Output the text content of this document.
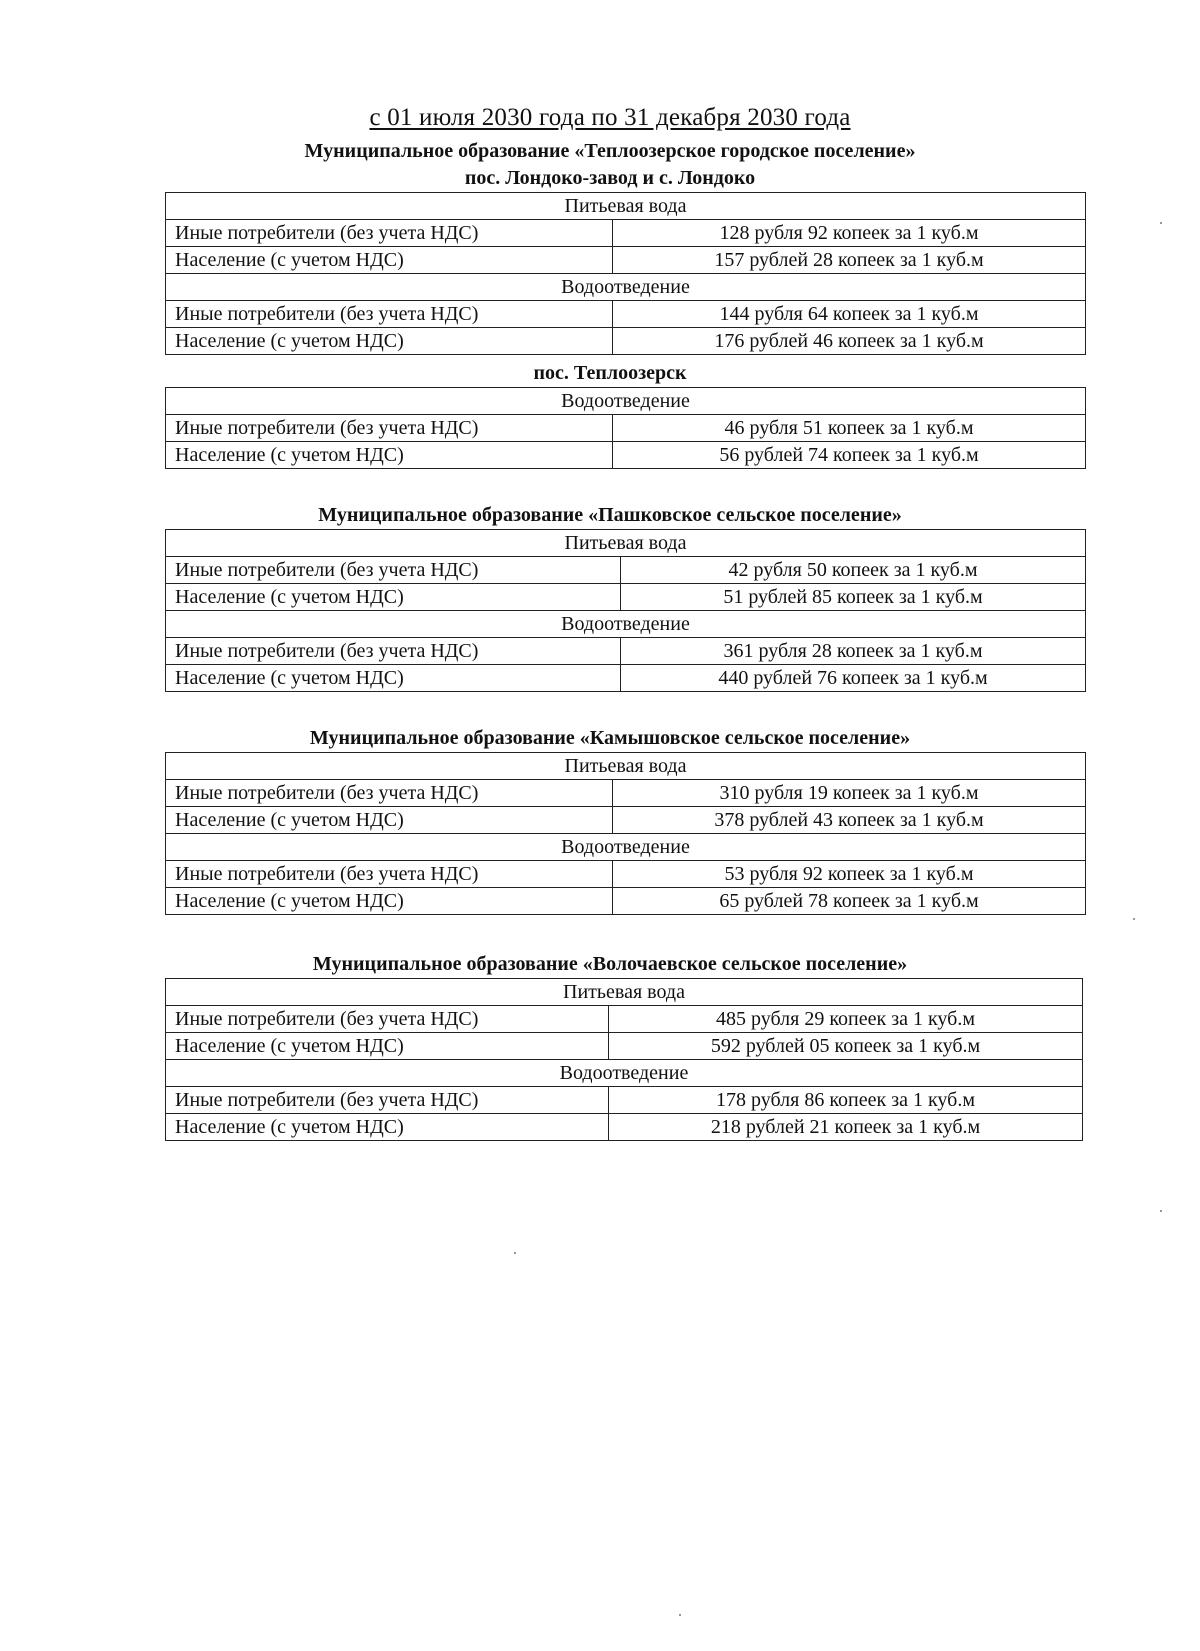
с 01 июля 2030 года по 31 декабря 2030 года
Муниципальное образование «Теплоозерское городское поселение»
пос. Лондоко-завод и с. Лондоко
Питьевая вода	
Иные потребители (без учета НДС)	128 рубля 92 копеек за 1 куб.м
Население (с учетом НДС)	157 рублей 28 копеек за 1 куб.м
Водоотведение	
Иные потребители (без учета НДС)	144 рубля 64 копеек за 1 куб.м
Население (с учетом НДС)	176 рублей 46 копеек за 1 куб.м
пос. Теплоозерск
Водоотведение	
Иные потребители (без учета НДС)	46 рубля 51 копеек за 1 куб.м
Население (с учетом НДС)	56 рублей 74 копеек за 1 куб.м
Муниципальное образование «Пашковское сельское поселение»
Питьевая вода	
Иные потребители (без учета НДС)	42 рубля 50 копеек за 1 куб.м
Население (с учетом НДС)	51 рублей 85 копеек за 1 куб.м
Водоотведение	
Иные потребители (без учета НДС)	361 рубля 28 копеек за 1 куб.м
Население (с учетом НДС)	440 рублей 76 копеек за 1 куб.м
Муниципальное образование «Камышовское сельское поселение»
Питьевая вода	
Иные потребители (без учета НДС)	310 рубля 19 копеек за 1 куб.м
Население (с учетом НДС)	378 рублей 43 копеек за 1 куб.м
Водоотведение	
Иные потребители (без учета НДС)	53 рубля 92 копеек за 1 куб.м
Население (с учетом НДС)	65 рублей 78 копеек за 1 куб.м
Муниципальное образование «Волочаевское сельское поселение»
Питьевая вода	
Иные потребители (без учета НДС)	485 рубля 29 копеек за 1 куб.м
Население (с учетом НДС)	592 рублей 05 копеек за 1 куб.м
Водоотведение	
Иные потребители (без учета НДС)	178 рубля 86 копеек за 1 куб.м
Население (с учетом НДС)	218 рублей 21 копеек за 1 куб.м
